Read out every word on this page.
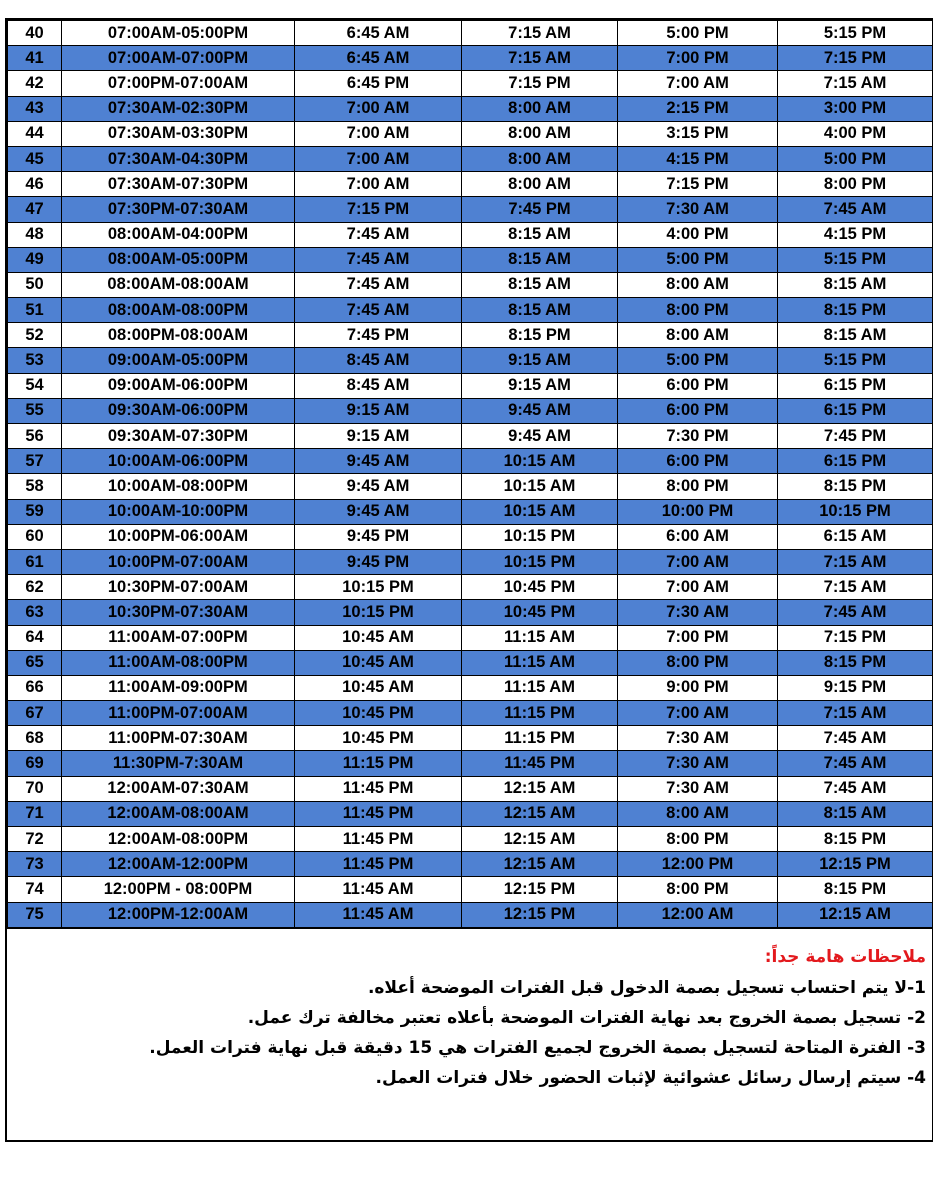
40	07:00AM-05:00PM	6:45 AM	7:15 AM	5:00 PM	5:15 PM
41	07:00AM-07:00PM	6:45 AM	7:15 AM	7:00 PM	7:15 PM
42	07:00PM-07:00AM	6:45 PM	7:15 PM	7:00 AM	7:15 AM
43	07:30AM-02:30PM	7:00 AM	8:00 AM	2:15 PM	3:00 PM
44	07:30AM-03:30PM	7:00 AM	8:00 AM	3:15 PM	4:00 PM
45	07:30AM-04:30PM	7:00 AM	8:00 AM	4:15 PM	5:00 PM
46	07:30AM-07:30PM	7:00 AM	8:00 AM	7:15 PM	8:00 PM
47	07:30PM-07:30AM	7:15 PM	7:45 PM	7:30 AM	7:45 AM
48	08:00AM-04:00PM	7:45 AM	8:15 AM	4:00 PM	4:15 PM
49	08:00AM-05:00PM	7:45 AM	8:15 AM	5:00 PM	5:15 PM
50	08:00AM-08:00AM	7:45 AM	8:15 AM	8:00 AM	8:15 AM
51	08:00AM-08:00PM	7:45 AM	8:15 AM	8:00 PM	8:15 PM
52	08:00PM-08:00AM	7:45 PM	8:15 PM	8:00 AM	8:15 AM
53	09:00AM-05:00PM	8:45 AM	9:15 AM	5:00 PM	5:15 PM
54	09:00AM-06:00PM	8:45 AM	9:15 AM	6:00 PM	6:15 PM
55	09:30AM-06:00PM	9:15 AM	9:45 AM	6:00 PM	6:15 PM
56	09:30AM-07:30PM	9:15 AM	9:45 AM	7:30 PM	7:45 PM
57	10:00AM-06:00PM	9:45 AM	10:15 AM	6:00 PM	6:15 PM
58	10:00AM-08:00PM	9:45 AM	10:15 AM	8:00 PM	8:15 PM
59	10:00AM-10:00PM	9:45 AM	10:15 AM	10:00 PM	10:15 PM
60	10:00PM-06:00AM	9:45 PM	10:15 PM	6:00 AM	6:15 AM
61	10:00PM-07:00AM	9:45 PM	10:15 PM	7:00 AM	7:15 AM
62	10:30PM-07:00AM	10:15 PM	10:45 PM	7:00 AM	7:15 AM
63	10:30PM-07:30AM	10:15 PM	10:45 PM	7:30 AM	7:45 AM
64	11:00AM-07:00PM	10:45 AM	11:15 AM	7:00 PM	7:15 PM
65	11:00AM-08:00PM	10:45 AM	11:15 AM	8:00 PM	8:15 PM
66	11:00AM-09:00PM	10:45 AM	11:15 AM	9:00 PM	9:15 PM
67	11:00PM-07:00AM	10:45 PM	11:15 PM	7:00 AM	7:15 AM
68	11:00PM-07:30AM	10:45 PM	11:15 PM	7:30 AM	7:45 AM
69	11:30PM-7:30AM	11:15 PM	11:45 PM	7:30 AM	7:45 AM
70	12:00AM-07:30AM	11:45 PM	12:15 AM	7:30 AM	7:45 AM
71	12:00AM-08:00AM	11:45 PM	12:15 AM	8:00 AM	8:15 AM
72	12:00AM-08:00PM	11:45 PM	12:15 AM	8:00 PM	8:15 PM
73	12:00AM-12:00PM	11:45 PM	12:15 AM	12:00 PM	12:15 PM
74	12:00PM - 08:00PM	11:45 AM	12:15 PM	8:00 PM	8:15 PM
75	12:00PM-12:00AM	11:45 AM	12:15 PM	12:00 AM	12:15 AM

ملاحظات هامة جداً:

1-لا يتم احتساب تسجيل بصمة الدخول قبل الفترات الموضحة أعلاه.

2- تسجيل بصمة الخروج بعد نهاية الفترات الموضحة بأعلاه تعتبر مخالفة ترك عمل.

3- الفترة المتاحة لتسجيل بصمة الخروج لجميع الفترات هي 15 دقيقة قبل نهاية فترات العمل.

4- سيتم إرسال رسائل عشوائية لإثبات الحضور خلال فترات العمل.
